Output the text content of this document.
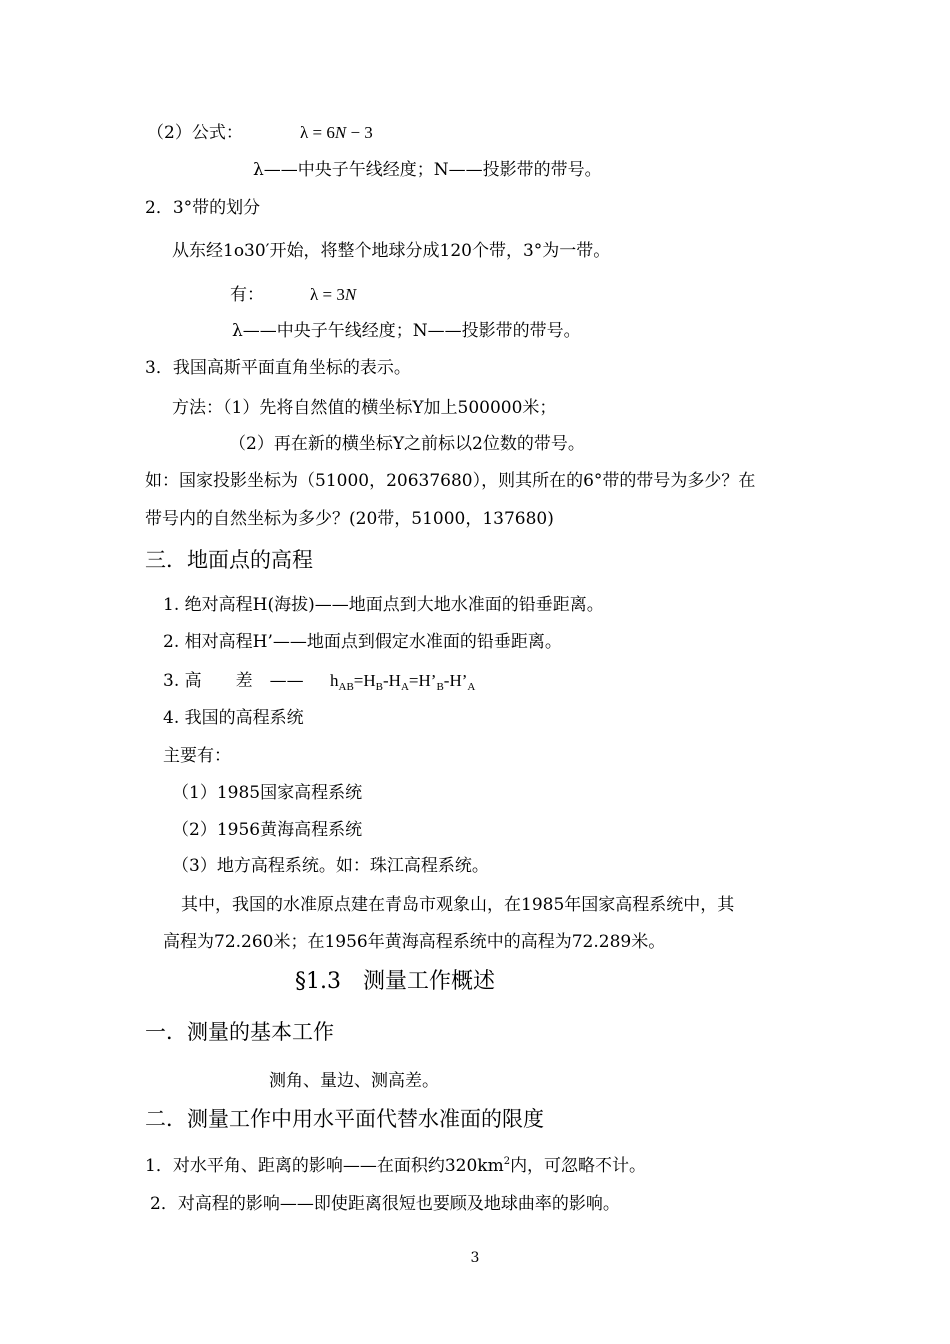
（2）公式：	λ = 6N − 3
λ——中央子午线经度；N——投影带的带号。
2．3°带的划分
从东经1o30′开始，将整个地球分成120个带，3°为一带。
有：	λ = 3N
λ——中央子午线经度；N——投影带的带号。
3．我国高斯平面直角坐标的表示。
方法：（1）先将自然值的横坐标Y加上500000米；
（2）再在新的横坐标Y之前标以2位数的带号。
如：国家投影坐标为（51000，20637680），则其所在的6°带的带号为多少？在
带号内的自然坐标为多少？(20带，51000，137680)
三．地面点的高程
1. 绝对高程H(海拔)——地面点到大地水准面的铅垂距离。
2. 相对高程H’——地面点到假定水准面的铅垂距离。
3. 高　　差　—— $h_{AB}=H_B-H_A=H’_B-H’_A$
4. 我国的高程系统
主要有：
（1）1985国家高程系统
（2）1956黄海高程系统
（3）地方高程系统。如：珠江高程系统。
其中，我国的水准原点建在青岛市观象山，在1985年国家高程系统中，其
高程为72.260米；在1956年黄海高程系统中的高程为72.289米。
§1.3　测量工作概述
一．测量的基本工作
测角、量边、测高差。
二．测量工作中用水平面代替水准面的限度
1．对水平角、距离的影响——在面积约$320km^2$内，可忽略不计。
2．对高程的影响——即使距离很短也要顾及地球曲率的影响。
3
